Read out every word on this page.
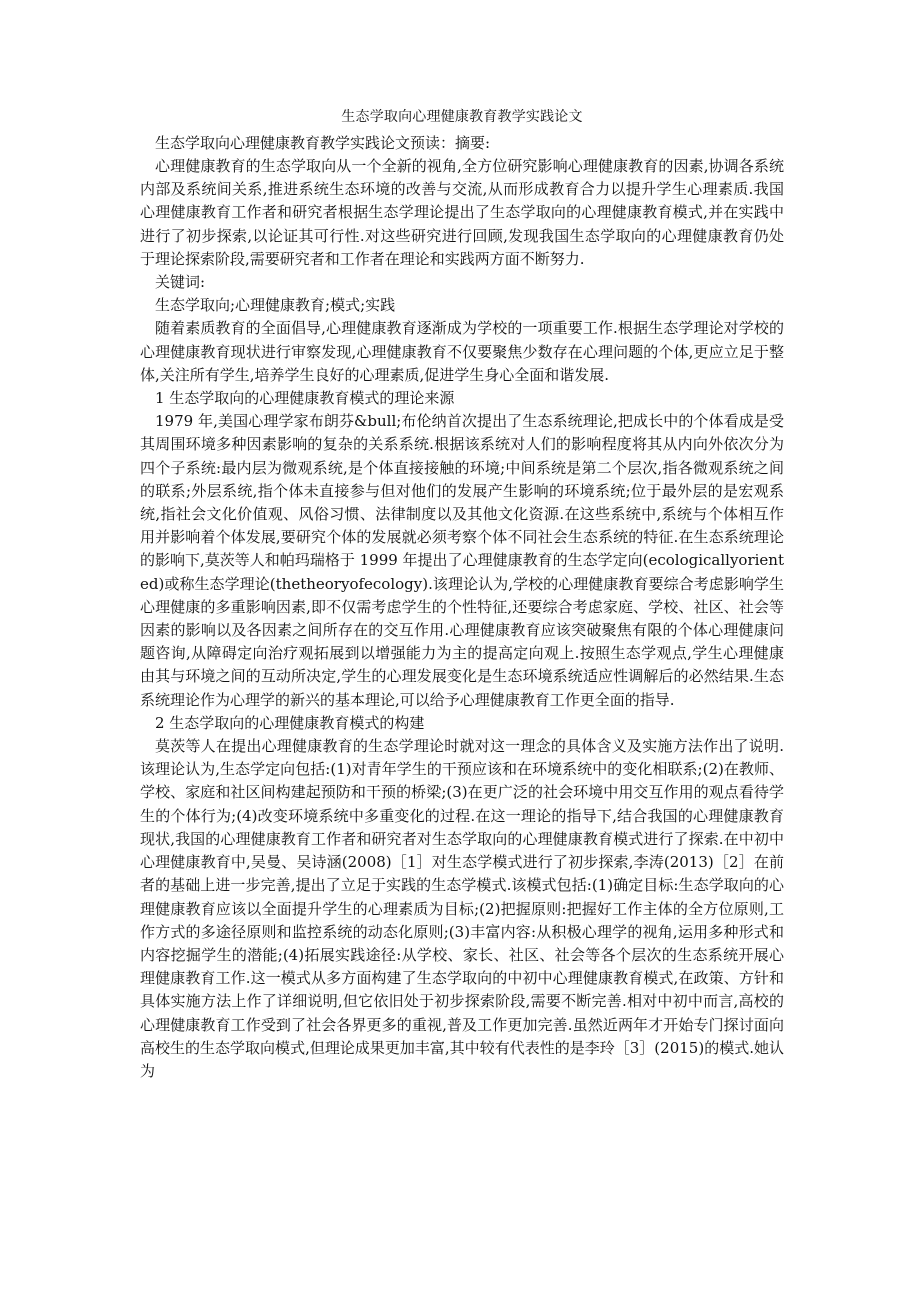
生态学取向心理健康教育教学实践论文

生态学取向心理健康教育教学实践论文预读：摘要:

心理健康教育的生态学取向从一个全新的视角,全方位研究影响心理健康教育的因素,协调各系统内部及系统间关系,推进系统生态环境的改善与交流,从而形成教育合力以提升学生心理素质.我国心理健康教育工作者和研究者根据生态学理论提出了生态学取向的心理健康教育模式,并在实践中进行了初步探索,以论证其可行性.对这些研究进行回顾,发现我国生态学取向的心理健康教育仍处于理论探索阶段,需要研究者和工作者在理论和实践两方面不断努力.

关键词:

生态学取向;心理健康教育;模式;实践

随着素质教育的全面倡导,心理健康教育逐渐成为学校的一项重要工作.根据生态学理论对学校的心理健康教育现状进行审察发现,心理健康教育不仅要聚焦少数存在心理问题的个体,更应立足于整体,关注所有学生,培养学生良好的心理素质,促进学生身心全面和谐发展.

1 生态学取向的心理健康教育模式的理论来源

1979 年,美国心理学家布朗芬&bull;布伦纳首次提出了生态系统理论,把成长中的个体看成是受其周围环境多种因素影响的复杂的关系系统.根据该系统对人们的影响程度将其从内向外依次分为四个子系统:最内层为微观系统,是个体直接接触的环境;中间系统是第二个层次,指各微观系统之间的联系;外层系统,指个体未直接参与但对他们的发展产生影响的环境系统;位于最外层的是宏观系统,指社会文化价值观、风俗习惯、法律制度以及其他文化资源.在这些系统中,系统与个体相互作用并影响着个体发展,要研究个体的发展就必须考察个体不同社会生态系统的特征.在生态系统理论的影响下,莫茨等人和帕玛瑞格于 1999 年提出了心理健康教育的生态学定向(ecologicallyoriented)或称生态学理论(thetheoryofecology).该理论认为,学校的心理健康教育要综合考虑影响学生心理健康的多重影响因素,即不仅需考虑学生的个性特征,还要综合考虑家庭、学校、社区、社会等因素的影响以及各因素之间所存在的交互作用.心理健康教育应该突破聚焦有限的个体心理健康问题咨询,从障碍定向治疗观拓展到以增强能力为主的提高定向观上.按照生态学观点,学生心理健康由其与环境之间的互动所决定,学生的心理发展变化是生态环境系统适应性调解后的必然结果.生态系统理论作为心理学的新兴的基本理论,可以给予心理健康教育工作更全面的指导.

2 生态学取向的心理健康教育模式的构建

莫茨等人在提出心理健康教育的生态学理论时就对这一理念的具体含义及实施方法作出了说明.该理论认为,生态学定向包括:(1)对青年学生的干预应该和在环境系统中的变化相联系;(2)在教师、学校、家庭和社区间构建起预防和干预的桥梁;(3)在更广泛的社会环境中用交互作用的观点看待学生的个体行为;(4)改变环境系统中多重变化的过程.在这一理论的指导下,结合我国的心理健康教育现状,我国的心理健康教育工作者和研究者对生态学取向的心理健康教育模式进行了探索.在中初中心理健康教育中,吴曼、吴诗涵(2008)［1］对生态学模式进行了初步探索,李涛(2013)［2］在前者的基础上进一步完善,提出了立足于实践的生态学模式.该模式包括:(1)确定目标:生态学取向的心理健康教育应该以全面提升学生的心理素质为目标;(2)把握原则:把握好工作主体的全方位原则,工作方式的多途径原则和监控系统的动态化原则;(3)丰富内容:从积极心理学的视角,运用多种形式和内容挖掘学生的潜能;(4)拓展实践途径:从学校、家长、社区、社会等各个层次的生态系统开展心理健康教育工作.这一模式从多方面构建了生态学取向的中初中心理健康教育模式,在政策、方针和具体实施方法上作了详细说明,但它依旧处于初步探索阶段,需要不断完善.相对中初中而言,高校的心理健康教育工作受到了社会各界更多的重视,普及工作更加完善.虽然近两年才开始专门探讨面向高校生的生态学取向模式,但理论成果更加丰富,其中较有代表性的是李玲［3］(2015)的模式.她认为
